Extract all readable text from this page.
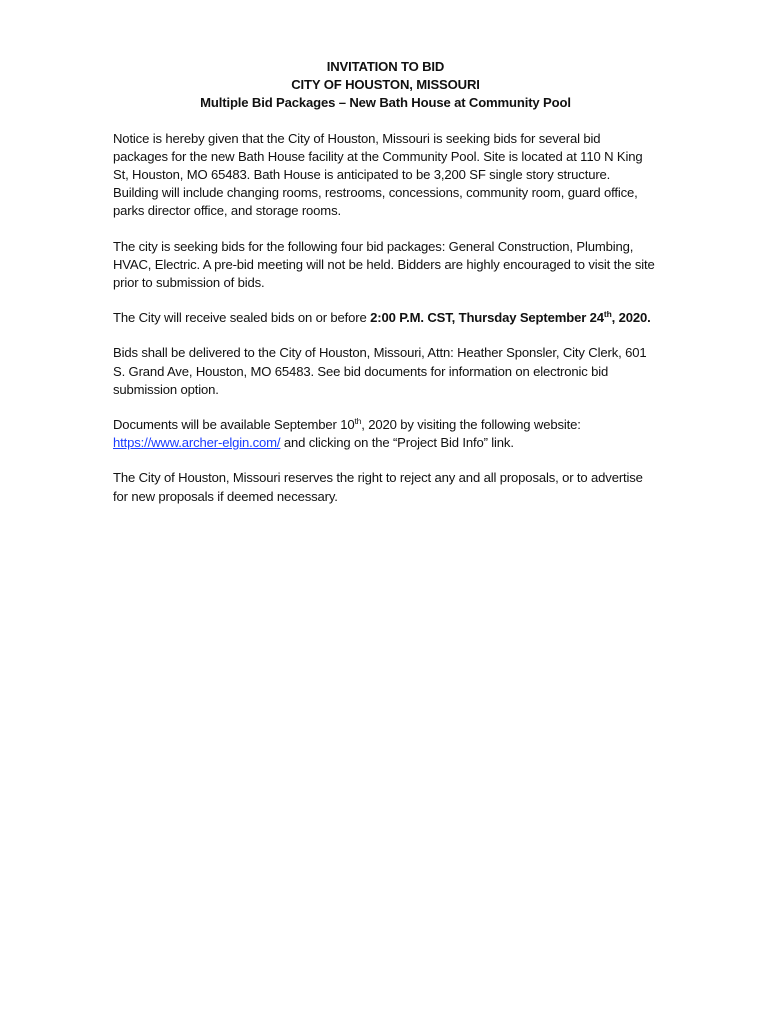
INVITATION TO BID
CITY OF HOUSTON, MISSOURI
Multiple Bid Packages – New Bath House at Community Pool

Notice is hereby given that the City of Houston, Missouri is seeking bids for several bid packages for the new Bath House facility at the Community Pool. Site is located at 110 N King St, Houston, MO 65483. Bath House is anticipated to be 3,200 SF single story structure. Building will include changing rooms, restrooms, concessions, community room, guard office, parks director office, and storage rooms.

The city is seeking bids for the following four bid packages: General Construction, Plumbing, HVAC, Electric. A pre-bid meeting will not be held. Bidders are highly encouraged to visit the site prior to submission of bids.

The City will receive sealed bids on or before 2:00 P.M. CST, Thursday September 24th, 2020.

Bids shall be delivered to the City of Houston, Missouri, Attn: Heather Sponsler, City Clerk, 601 S. Grand Ave, Houston, MO 65483. See bid documents for information on electronic bid submission option.

Documents will be available September 10th, 2020 by visiting the following website: https://www.archer-elgin.com/ and clicking on the “Project Bid Info” link.

The City of Houston, Missouri reserves the right to reject any and all proposals, or to advertise for new proposals if deemed necessary.
